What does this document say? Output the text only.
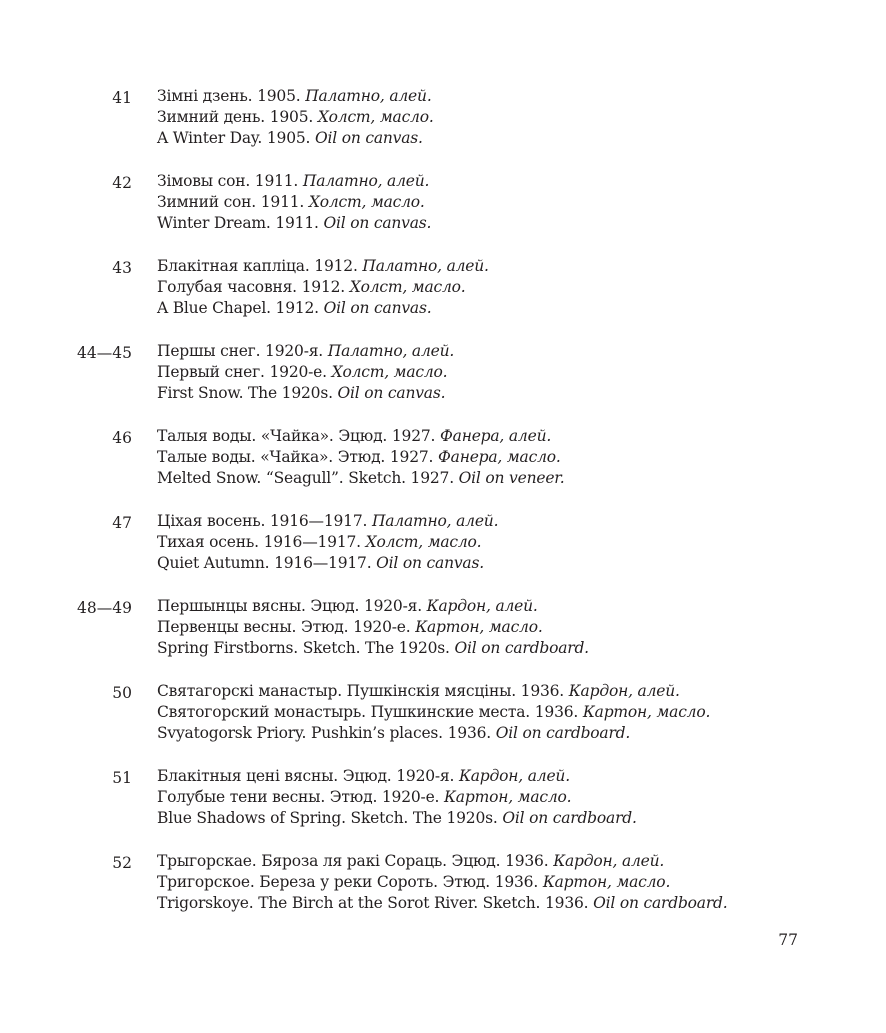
41 Зімні дзень. 1905. Палатно, алей.
Зимний день. 1905. Холст, масло.
A Winter Day. 1905. Oil on canvas.
42 Зімовы сон. 1911. Палатно, алей.
Зимний сон. 1911. Холст, масло.
Winter Dream. 1911. Oil on canvas.
43 Блакітная капліца. 1912. Палатно, алей.
Голубая часовня. 1912. Холст, масло.
A Blue Chapel. 1912. Oil on canvas.
44—45 Першы снег. 1920-я. Палатно, алей.
Первый снег. 1920-е. Холст, масло.
First Snow. The 1920s. Oil on canvas.
46 Талыя воды. «Чайка». Эцюд. 1927. Фанера, алей.
Талые воды. «Чайка». Этюд. 1927. Фанера, масло.
Melted Snow. “Seagull”. Sketch. 1927. Oil on veneer.
47 Ціхая восень. 1916—1917. Палатно, алей.
Тихая осень. 1916—1917. Холст, масло.
Quiet Autumn. 1916—1917. Oil on canvas.
48—49 Першынцы вясны. Эцюд. 1920-я. Кардон, алей.
Первенцы весны. Этюд. 1920-е. Картон, масло.
Spring Firstborns. Sketch. The 1920s. Oil on cardboard.
50 Святагорскі манастыр. Пушкінскія мясціны. 1936. Кардон, алей.
Святогорский монастырь. Пушкинские места. 1936. Картон, масло.
Svyatogorsk Priory. Pushkin’s places. 1936. Oil on cardboard.
51 Блакітныя ценi вясны. Эцюд. 1920-я. Кардон, алей.
Голубые тени весны. Этюд. 1920-е. Картон, масло.
Blue Shadows of Spring. Sketch. The 1920s. Oil on cardboard.
52 Трыгорскае. Бяроза ля ракі Сораць. Эцюд. 1936. Кардон, алей.
Тригорское. Береза у реки Сороть. Этюд. 1936. Картон, масло.
Trigorskoye. The Birch at the Sorot River. Sketch. 1936. Oil on cardboard.
77
